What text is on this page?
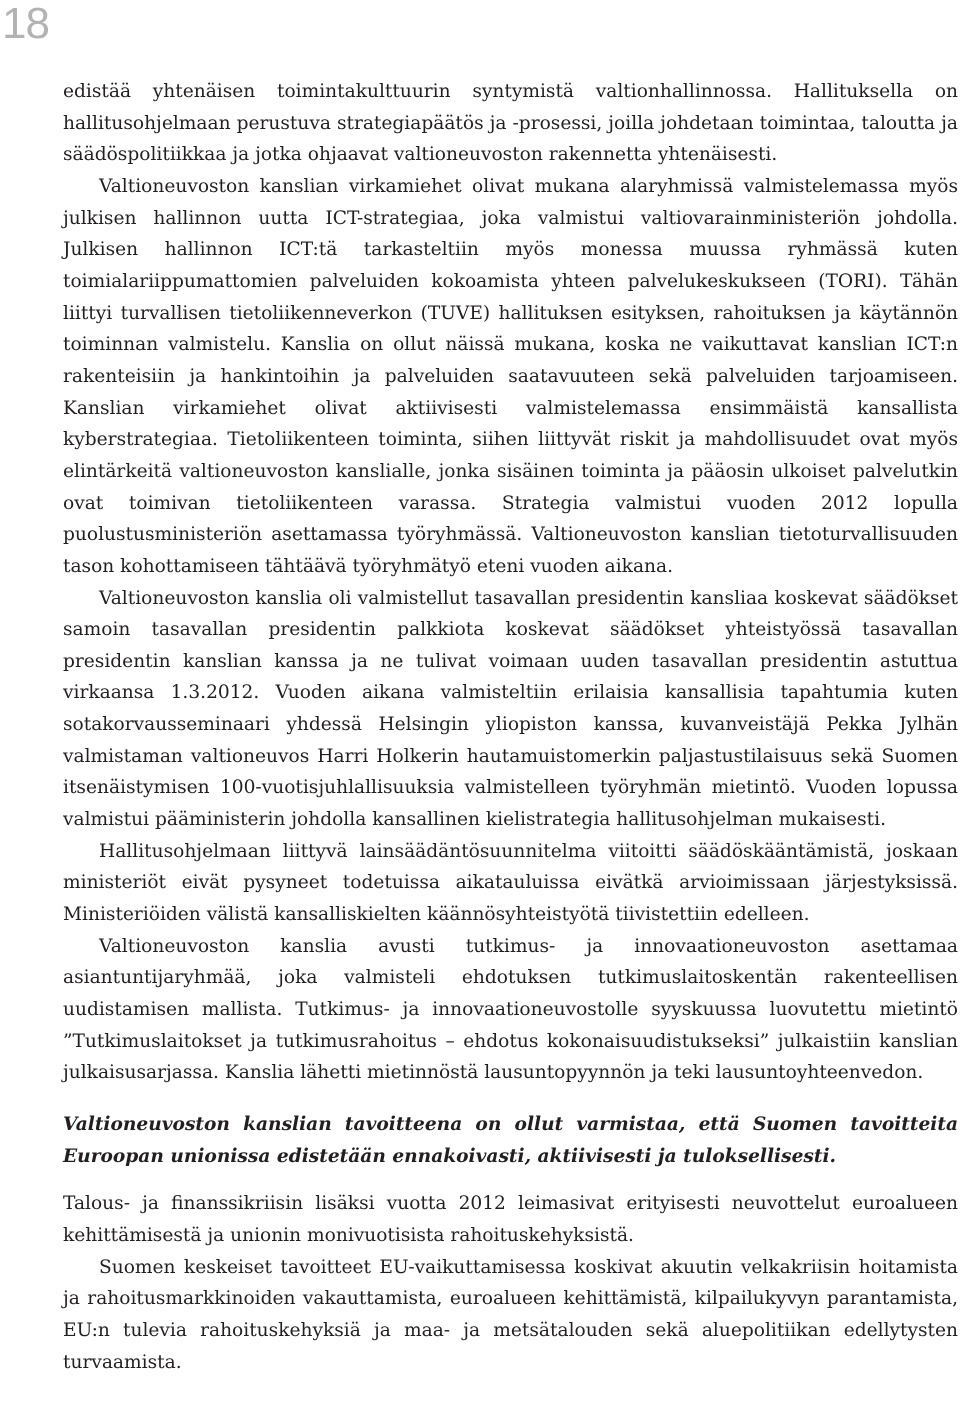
18

edistää yhtenäisen toimintakulttuurin syntymistä valtionhallinnossa. Hallituksella on hallitusohjelmaan perustuva strategiapäätös ja -prosessi, joilla johdetaan toimintaa, taloutta ja säädöspolitiikkaa ja jotka ohjaavat valtioneuvoston rakennetta yhtenäisesti.

Valtioneuvoston kanslian virkamiehet olivat mukana alaryhmissä valmistelemassa myös julkisen hallinnon uutta ICT-strategiaa, joka valmistui valtiovarainministeriön johdolla. Julkisen hallinnon ICT:tä tarkasteltiin myös monessa muussa ryhmässä kuten toimialariippumattomien palveluiden kokoamista yhteen palvelukeskukseen (TORI). Tähän liittyi turvallisen tietoliikenneverkon (TUVE) hallituksen esityksen, rahoituksen ja käytännön toiminnan valmistelu. Kanslia on ollut näissä mukana, koska ne vaikuttavat kanslian ICT:n rakenteisiin ja hankintoihin ja palveluiden saatavuuteen sekä palveluiden tarjoamiseen. Kanslian virkamiehet olivat aktiivisesti valmistelemassa ensimmäistä kansallista kyberstrategiaa. Tietoliikenteen toiminta, siihen liittyvät riskit ja mahdollisuudet ovat myös elintärkeitä valtioneuvoston kanslialle, jonka sisäinen toiminta ja pääosin ulkoiset palvelutkin ovat toimivan tietoliikenteen varassa. Strategia valmistui vuoden 2012 lopulla puolustusministeriön asettamassa työryhmässä. Valtioneuvoston kanslian tietoturvallisuuden tason kohottamiseen tähtäävä työryhmätyö eteni vuoden aikana.

Valtioneuvoston kanslia oli valmistellut tasavallan presidentin kansliaa koskevat säädökset samoin tasavallan presidentin palkkiota koskevat säädökset yhteistyössä tasavallan presidentin kanslian kanssa ja ne tulivat voimaan uuden tasavallan presidentin astuttua virkaansa 1.3.2012. Vuoden aikana valmisteltiin erilaisia kansallisia tapahtumia kuten sotakorvausseminaari yhdessä Helsingin yliopiston kanssa, kuvanveistäjä Pekka Jylhän valmistaman valtioneuvos Harri Holkerin hautamuistomerkin paljastustilaisuus sekä Suomen itsenäistymisen 100-vuotisjuhlallisuuksia valmistelleen työryhmän mietintö. Vuoden lopussa valmistui pääministerin johdolla kansallinen kielistrategia hallitusohjelman mukaisesti.

Hallitusohjelmaan liittyvä lainsäädäntösuunnitelma viitoitti säädöskääntämistä, joskaan ministeriöt eivät pysyneet todetuissa aikatauluissa eivätkä arvioimissaan järjestyksissä. Ministeriöiden välistä kansalliskielten käännösyhteistyötä tiivistettiin edelleen.

Valtioneuvoston kanslia avusti tutkimus- ja innovaationeuvoston asettamaa asiantuntijaryhmää, joka valmisteli ehdotuksen tutkimuslaitoskentän rakenteellisen uudistamisen mallista. Tutkimus- ja innovaationeuvostolle syyskuussa luovutettu mietintö ”Tutkimuslaitokset ja tutkimusrahoitus – ehdotus kokonaisuudistukseksi” julkaistiin kanslian julkaisusarjassa. Kanslia lähetti mietinnöstä lausuntopyynnön ja teki lausuntoyhteenvedon.

Valtioneuvoston kanslian tavoitteena on ollut varmistaa, että Suomen tavoitteita Euroopan unionissa edistetään ennakoivasti, aktiivisesti ja tuloksellisesti.

Talous- ja finanssikriisin lisäksi vuotta 2012 leimasivat erityisesti neuvottelut euroalueen kehittämisestä ja unionin monivuotisista rahoituskehyksistä.

Suomen keskeiset tavoitteet EU-vaikuttamisessa koskivat akuutin velkakriisin hoitamista ja rahoitusmarkkinoiden vakauttamista, euroalueen kehittämistä, kilpailukyvyn parantamista, EU:n tulevia rahoituskehyksiä ja maa- ja metsätalouden sekä aluepolitiikan edellytysten turvaamista.
